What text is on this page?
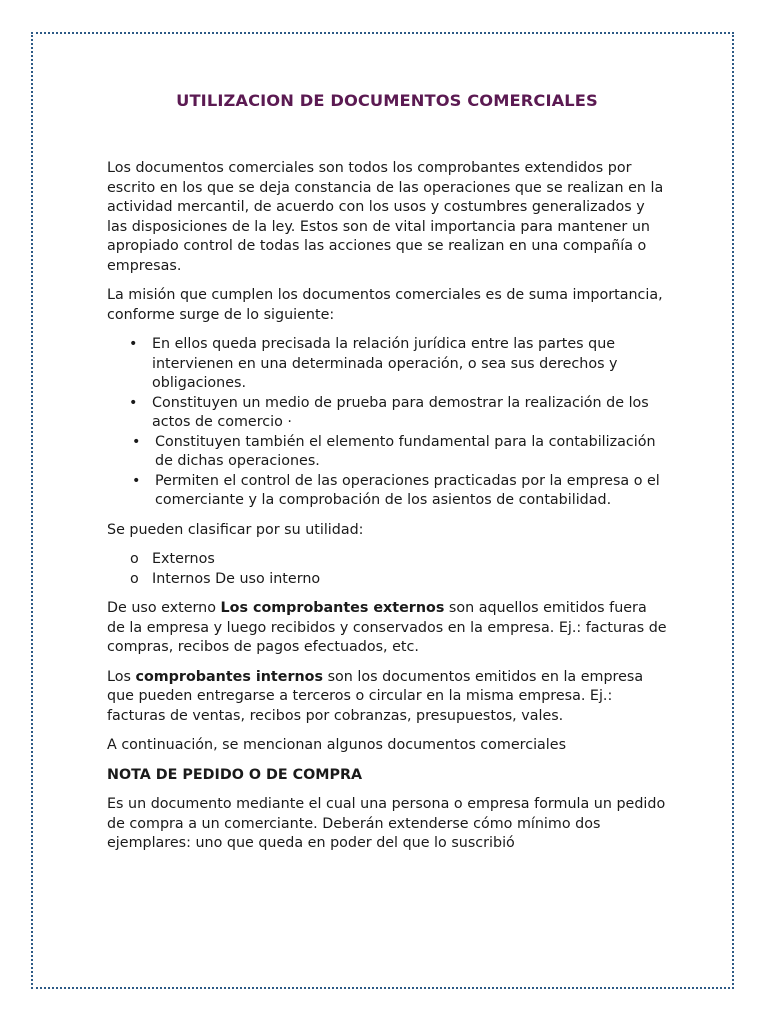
UTILIZACION DE DOCUMENTOS COMERCIALES

Los documentos comerciales son todos los comprobantes extendidos por escrito en los que se deja constancia de las operaciones que se realizan en la actividad mercantil, de acuerdo con los usos y costumbres generalizados y las disposiciones de la ley. Estos son de vital importancia para mantener un apropiado control de todas las acciones que se realizan en una compañía o empresas.

La misión que cumplen los documentos comerciales es de suma importancia, conforme surge de lo siguiente:

• En ellos queda precisada la relación jurídica entre las partes que intervienen en una determinada operación, o sea sus derechos y obligaciones.
• Constituyen un medio de prueba para demostrar la realización de los actos de comercio ·
• Constituyen también el elemento fundamental para la contabilización de dichas operaciones.
• Permiten el control de las operaciones practicadas por la empresa o el comerciante y la comprobación de los asientos de contabilidad.

Se pueden clasificar por su utilidad:

o Externos
o Internos De uso interno

De uso externo Los comprobantes externos son aquellos emitidos fuera de la empresa y luego recibidos y conservados en la empresa. Ej.: facturas de compras, recibos de pagos efectuados, etc.

Los comprobantes internos son los documentos emitidos en la empresa que pueden entregarse a terceros o circular en la misma empresa. Ej.: facturas de ventas, recibos por cobranzas, presupuestos, vales.

A continuación, se mencionan algunos documentos comerciales

NOTA DE PEDIDO O DE COMPRA

Es un documento mediante el cual una persona o empresa formula un pedido de compra a un comerciante. Deberán extenderse cómo mínimo dos ejemplares: uno que queda en poder del que lo suscribió
